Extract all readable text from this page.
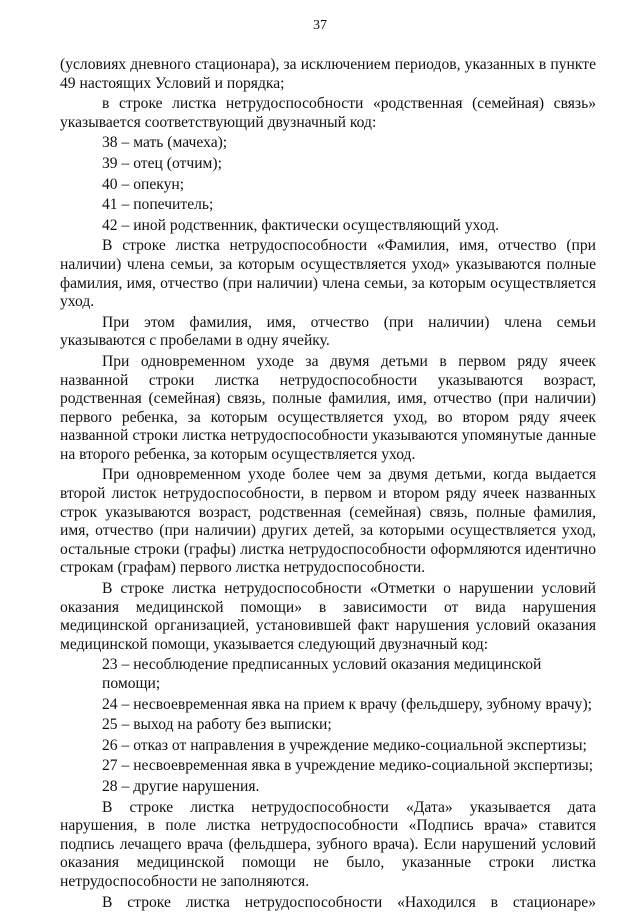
37

(условиях дневного стационара), за исключением периодов, указанных в пункте 49 настоящих Условий и порядка;

в строке листка нетрудоспособности «родственная (семейная) связь» указывается соответствующий двузначный код:

38 – мать (мачеха);

39 – отец (отчим);

40 – опекун;

41 – попечитель;

42 – иной родственник, фактически осуществляющий уход.

В строке листка нетрудоспособности «Фамилия, имя, отчество (при наличии) члена семьи, за которым осуществляется уход» указываются полные фамилия, имя, отчество (при наличии) члена семьи, за которым осуществляется уход.

При этом фамилия, имя, отчество (при наличии) члена семьи указываются с пробелами в одну ячейку.

При одновременном уходе за двумя детьми в первом ряду ячеек названной строки листка нетрудоспособности указываются возраст, родственная (семейная) связь, полные фамилия, имя, отчество (при наличии) первого ребенка, за которым осуществляется уход, во втором ряду ячеек названной строки листка нетрудоспособности указываются упомянутые данные на второго ребенка, за которым осуществляется уход.

При одновременном уходе более чем за двумя детьми, когда выдается второй листок нетрудоспособности, в первом и втором ряду ячеек названных строк указываются возраст, родственная (семейная) связь, полные фамилия, имя, отчество (при наличии) других детей, за которыми осуществляется уход, остальные строки (графы) листка нетрудоспособности оформляются идентично строкам (графам) первого листка нетрудоспособности.

В строке листка нетрудоспособности «Отметки о нарушении условий оказания медицинской помощи» в зависимости от вида нарушения медицинской организацией, установившей факт нарушения условий оказания медицинской помощи, указывается следующий двузначный код:

23 – несоблюдение предписанных условий оказания медицинской помощи;

24 – несвоевременная явка на прием к врачу (фельдшеру, зубному врачу);

25 – выход на работу без выписки;

26 – отказ от направления в учреждение медико-социальной экспертизы;

27 – несвоевременная явка в учреждение медико-социальной экспертизы;

28 – другие нарушения.

В строке листка нетрудоспособности «Дата» указывается дата нарушения, в поле листка нетрудоспособности «Подпись врача» ставится подпись лечащего врача (фельдшера, зубного врача). Если нарушений условий оказания медицинской помощи не было, указанные строки листка нетрудоспособности не заполняются.

В строке листка нетрудоспособности «Находился в стационаре»
